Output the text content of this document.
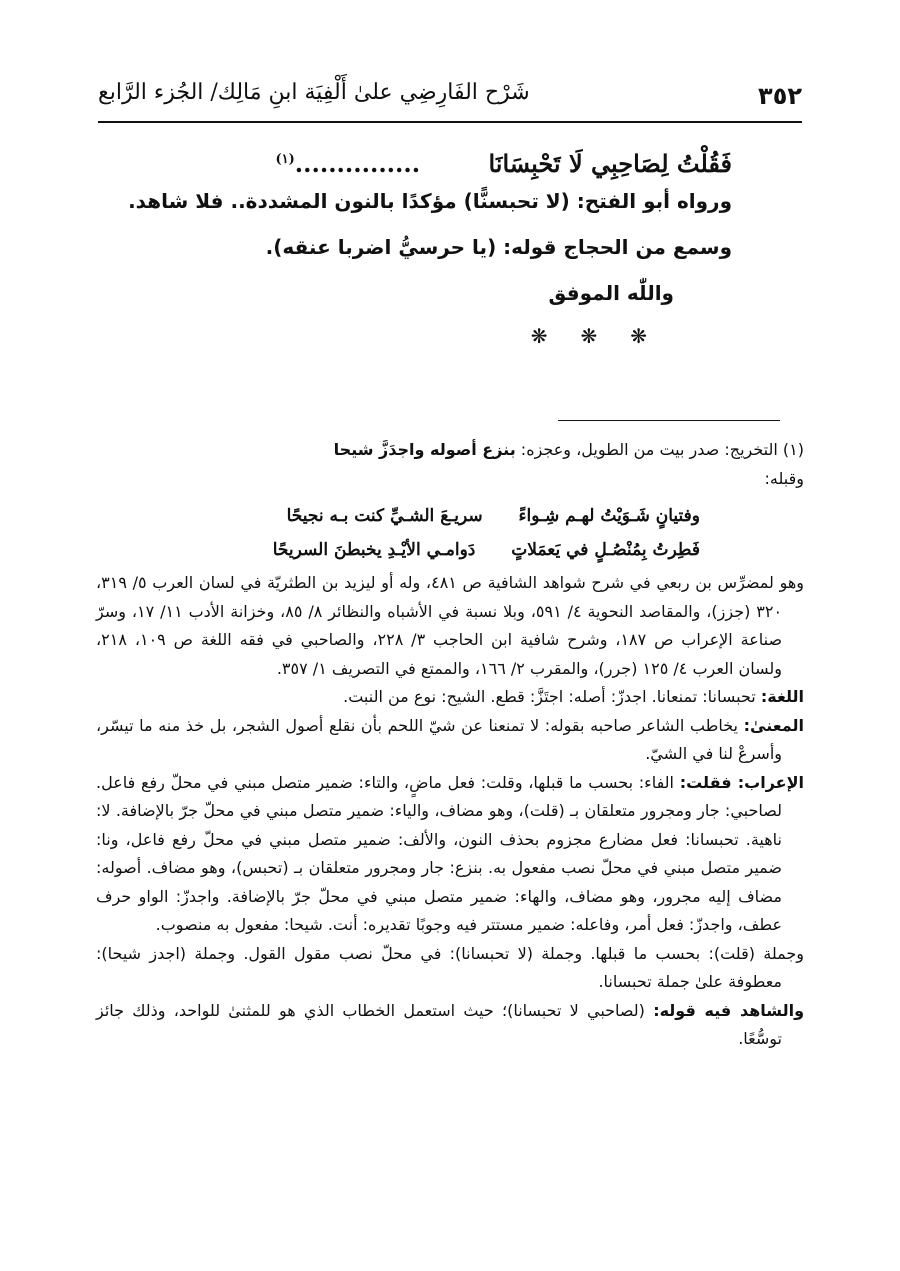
٣٥٢
شَرْح الفَارِضِي علىٰ أَلْفِيَة ابنِ مَالِك/ الجُزء الرَّابع
فَقُلْتُ لِصَاحِبِي لَا تَحْبِسَانَا ...............$^{(١)}$
ورواه أبو الفتح: (لا تحبسنًّا) مؤكدًا بالنون المشددة.. فلا شاهد.
وسمع من الحجاج قوله: (يا حرسيُّ اضربا عنقه).
واللّٰه الموفق
❋ ❋ ❋

(١) التخريج: صدر بيت من الطويل، وعجزه: بنزع أصوله واجدَزَّ شيحا

وقبله:

وفتيانٍ شَـوَيْتُ لهـم شِـواءً سريـعَ الشـيِّ كنت بـه نجيحًا
فَطِرتُ بِمُنْصُـلٍ في يَعمَلاتٍ دَوامـي الأيْـدِ يخبطنَ السريحًا

وهو لمضرِّس بن ربعي في شرح شواهد الشافية ص ٤٨١، وله أو ليزيد بن الطثريّة في لسان العرب ٥/ ٣١٩، ٣٢٠ (جزز)، والمقاصد النحوية ٤/ ٥٩١، وبلا نسبة في الأشباه والنظائر ٨/ ٨٥، وخزانة الأدب ١١/ ١٧، وسرّ صناعة الإعراب ص ١٨٧، وشرح شافية ابن الحاجب ٣/ ٢٢٨، والصاحبي في فقه اللغة ص ١٠٩، ٢١٨، ولسان العرب ٤/ ١٢٥ (جرر)، والمقرب ٢/ ١٦٦، والممتع في التصريف ١/ ٣٥٧.

اللغة: تحبسانا: تمنعانا. اجدزّ: أصله: اجتَزَّ: قطع. الشيح: نوع من النبت.

المعنىٰ: يخاطب الشاعر صاحبه بقوله: لا تمنعنا عن شيّ اللحم بأن نقلع أصول الشجر، بل خذ منه ما تيسّر، وأسرعْ لنا في الشيّ.

الإعراب: فقلت: الفاء: بحسب ما قبلها، وقلت: فعل ماضٍ، والتاء: ضمير متصل مبني في محلّ رفع فاعل. لصاحبي: جار ومجرور متعلقان بـ (قلت)، وهو مضاف، والياء: ضمير متصل مبني في محلّ جرّ بالإضافة. لا: ناهية. تحبسانا: فعل مضارع مجزوم بحذف النون، والألف: ضمير متصل مبني في محلّ رفع فاعل، ونا: ضمير متصل مبني في محلّ نصب مفعول به. بنزع: جار ومجرور متعلقان بـ (تحبس)، وهو مضاف. أصوله: مضاف إليه مجرور، وهو مضاف، والهاء: ضمير متصل مبني في محلّ جرّ بالإضافة. واجدزّ: الواو حرف عطف، واجدزّ: فعل أمر، وفاعله: ضمير مستتر فيه وجوبًا تقديره: أنت. شيحا: مفعول به منصوب.

وجملة (قلت): بحسب ما قبلها. وجملة (لا تحبسانا): في محلّ نصب مقول القول. وجملة (اجدز شيحا): معطوفة علىٰ جملة تحبسانا.

والشاهد فيه قوله: (لصاحبي لا تحبسانا)؛ حيث استعمل الخطاب الذي هو للمثنىٰ للواحد، وذلك جائز توسُّعًا.
